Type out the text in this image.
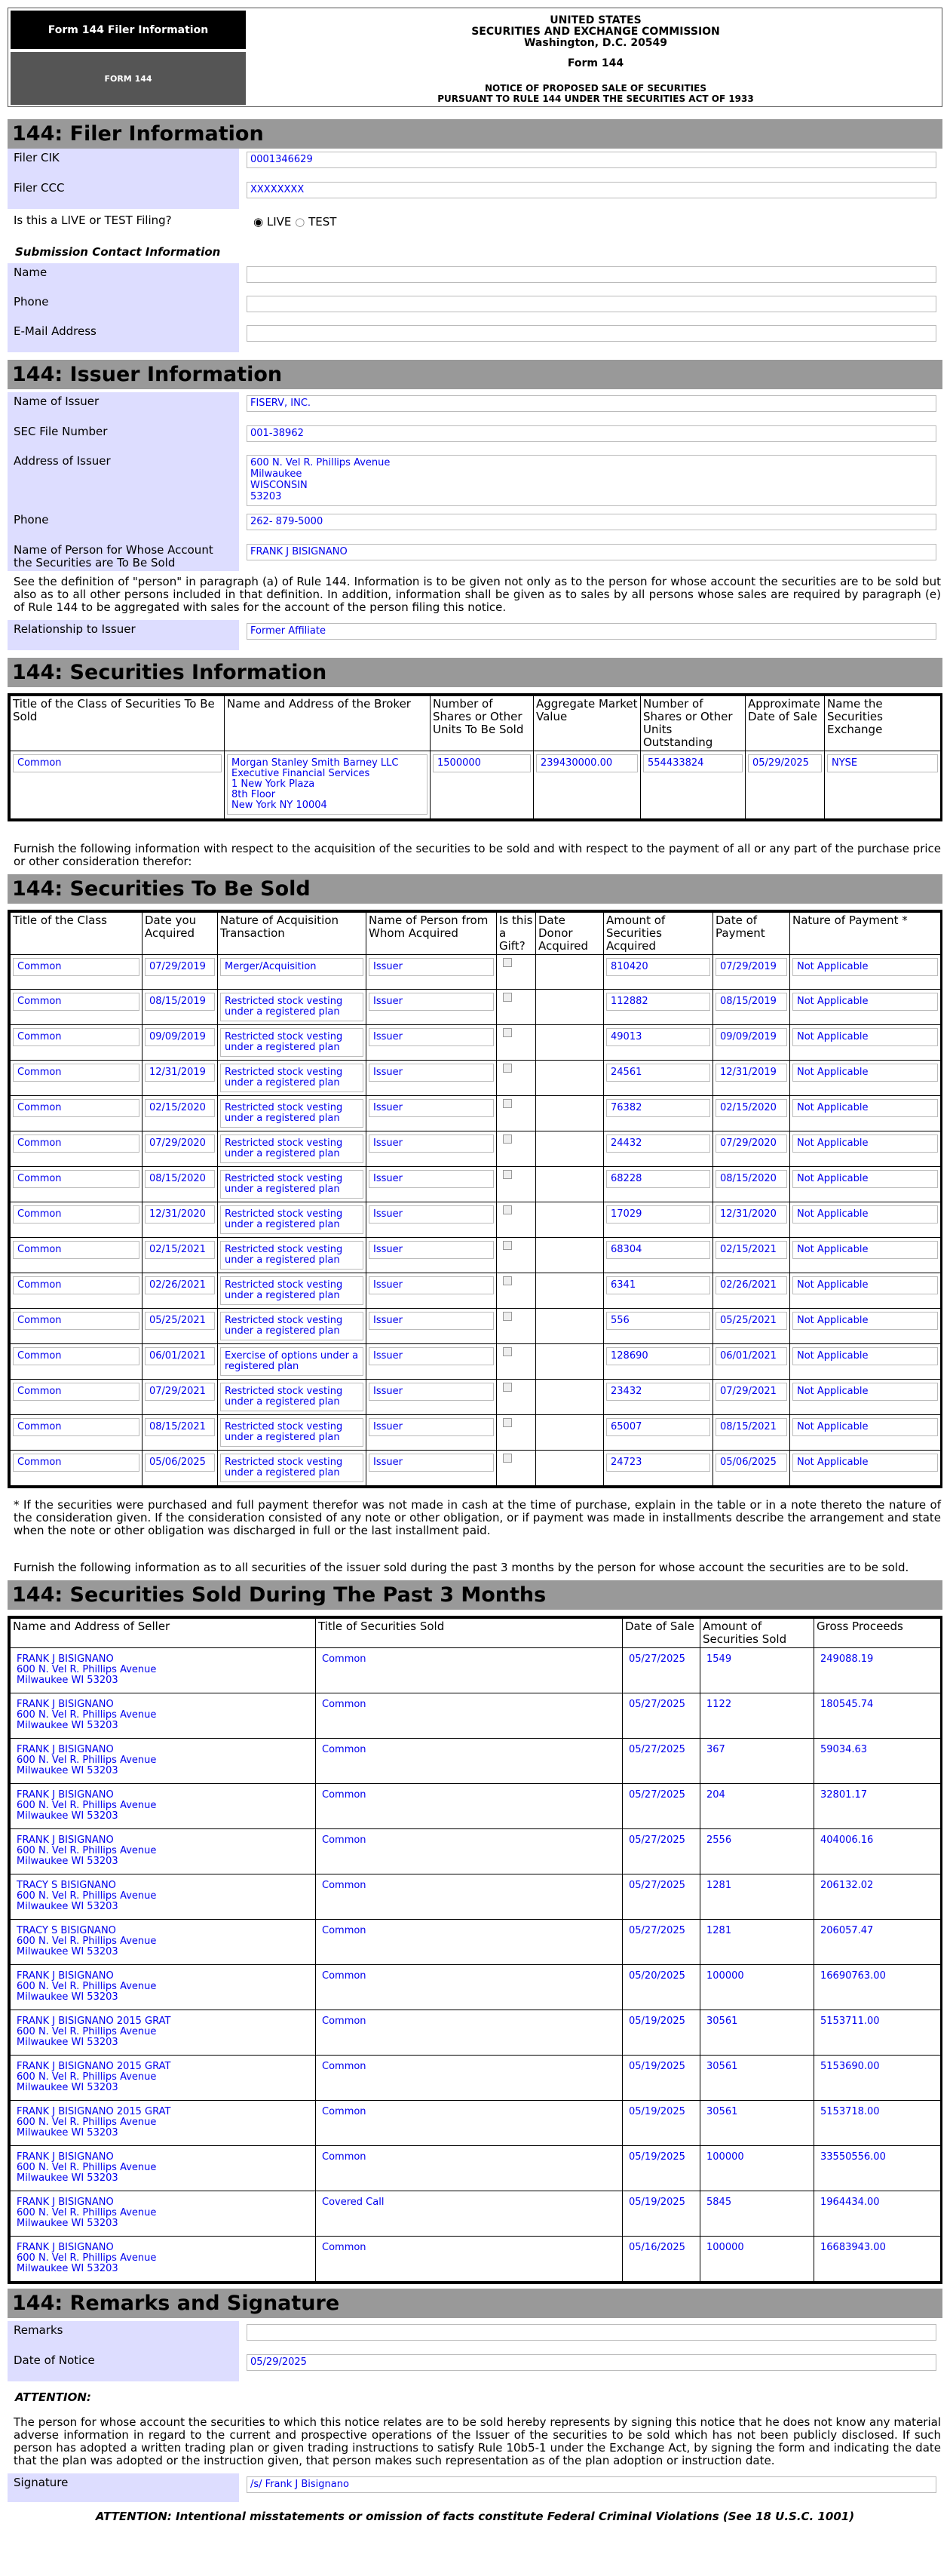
Form 144 Filer Information
FORM 144
UNITED STATES
SECURITIES AND EXCHANGE COMMISSION
Washington, D.C. 20549
Form 144
NOTICE OF PROPOSED SALE OF SECURITIES
PURSUANT TO RULE 144 UNDER THE SECURITIES ACT OF 1933
144: Filer Information
Filer CIK	0001346629
Filer CCC	XXXXXXXX
Is this a LIVE or TEST Filing?	◉ LIVE ○ TEST
Submission Contact Information
Name
Phone
E-Mail Address
144: Issuer Information
Name of Issuer	FISERV, INC.
SEC File Number	001-38962
Address of Issuer	600 N. Vel R. Phillips Avenue
Milwaukee
WISCONSIN
53203
Phone	262- 879-5000
Name of Person for Whose Account the Securities are To Be Sold
FRANK J BISIGNANO
See the definition of "person" in paragraph (a) of Rule 144. Information is to be given not only as to the person for whose account the securities are to be sold but also as to all other persons included in that definition. In addition, information shall be given as to sales by all persons whose sales are required by paragraph (e) of Rule 144 to be aggregated with sales for the account of the person filing this notice.
Relationship to Issuer	Former Affiliate
144: Securities Information
Title of the Class of Securities To Be Sold	Name and Address of the Broker	Number of Shares or Other Units To Be Sold	Aggregate Market Value	Number of Shares or Other Units Outstanding	Approximate Date of Sale	Name the Securities Exchange

Common	Morgan Stanley Smith Barney LLC
Executive Financial Services
1 New York Plaza
8th Floor
New York NY 10004	1500000	239430000.00	554433824	05/29/2025	NYSE
Furnish the following information with respect to the acquisition of the securities to be sold and with respect to the payment of all or any part of the purchase price or other consideration therefor:
144: Securities To Be Sold
Title of the Class	Date you Acquired	Nature of Acquisition Transaction	Name of Person from Whom Acquired	Is this a Gift?	Date Donor Acquired	Amount of Securities Acquired	Date of Payment	Nature of Payment *

Common	07/29/2019	Merger/Acquisition	Issuer			810420	07/29/2019	Not Applicable

Common	08/15/2019	Restricted stock vesting under a registered plan	Issuer			112882	08/15/2019	Not Applicable

Common	09/09/2019	Restricted stock vesting under a registered plan	Issuer			49013	09/09/2019	Not Applicable

Common	12/31/2019	Restricted stock vesting under a registered plan	Issuer			24561	12/31/2019	Not Applicable

Common	02/15/2020	Restricted stock vesting under a registered plan	Issuer			76382	02/15/2020	Not Applicable

Common	07/29/2020	Restricted stock vesting under a registered plan	Issuer			24432	07/29/2020	Not Applicable

Common	08/15/2020	Restricted stock vesting under a registered plan	Issuer			68228	08/15/2020	Not Applicable

Common	12/31/2020	Restricted stock vesting under a registered plan	Issuer			17029	12/31/2020	Not Applicable

Common	02/15/2021	Restricted stock vesting under a registered plan	Issuer			68304	02/15/2021	Not Applicable

Common	02/26/2021	Restricted stock vesting under a registered plan	Issuer			6341	02/26/2021	Not Applicable

Common	05/25/2021	Restricted stock vesting under a registered plan	Issuer			556	05/25/2021	Not Applicable

Common	06/01/2021	Exercise of options under a registered plan	Issuer			128690	06/01/2021	Not Applicable

Common	07/29/2021	Restricted stock vesting under a registered plan	Issuer			23432	07/29/2021	Not Applicable

Common	08/15/2021	Restricted stock vesting under a registered plan	Issuer			65007	08/15/2021	Not Applicable

Common	05/06/2025	Restricted stock vesting under a registered plan	Issuer			24723	05/06/2025	Not Applicable
* If the securities were purchased and full payment therefor was not made in cash at the time of purchase, explain in the table or in a note thereto the nature of the consideration given. If the consideration consisted of any note or other obligation, or if payment was made in installments describe the arrangement and state when the note or other obligation was discharged in full or the last installment paid.
Furnish the following information as to all securities of the issuer sold during the past 3 months by the person for whose account the securities are to be sold.
144: Securities Sold During The Past 3 Months
Name and Address of Seller	Title of Securities Sold	Date of Sale	Amount of Securities Sold	Gross Proceeds

FRANK J BISIGNANO
600 N. Vel R. Phillips Avenue
Milwaukee WI 53203	Common	05/27/2025	1549	249088.19

FRANK J BISIGNANO
600 N. Vel R. Phillips Avenue
Milwaukee WI 53203	Common	05/27/2025	1122	180545.74

FRANK J BISIGNANO
600 N. Vel R. Phillips Avenue
Milwaukee WI 53203	Common	05/27/2025	367	59034.63

FRANK J BISIGNANO
600 N. Vel R. Phillips Avenue
Milwaukee WI 53203	Common	05/27/2025	204	32801.17

FRANK J BISIGNANO
600 N. Vel R. Phillips Avenue
Milwaukee WI 53203	Common	05/27/2025	2556	404006.16

TRACY S BISIGNANO
600 N. Vel R. Phillips Avenue
Milwaukee WI 53203	Common	05/27/2025	1281	206132.02

TRACY S BISIGNANO
600 N. Vel R. Phillips Avenue
Milwaukee WI 53203	Common	05/27/2025	1281	206057.47

FRANK J BISIGNANO
600 N. Vel R. Phillips Avenue
Milwaukee WI 53203	Common	05/20/2025	100000	16690763.00

FRANK J BISIGNANO 2015 GRAT
600 N. Vel R. Phillips Avenue
Milwaukee WI 53203	Common	05/19/2025	30561	5153711.00

FRANK J BISIGNANO 2015 GRAT
600 N. Vel R. Phillips Avenue
Milwaukee WI 53203	Common	05/19/2025	30561	5153690.00

FRANK J BISIGNANO 2015 GRAT
600 N. Vel R. Phillips Avenue
Milwaukee WI 53203	Common	05/19/2025	30561	5153718.00

FRANK J BISIGNANO
600 N. Vel R. Phillips Avenue
Milwaukee WI 53203	Common	05/19/2025	100000	33550556.00

FRANK J BISIGNANO
600 N. Vel R. Phillips Avenue
Milwaukee WI 53203	Covered Call	05/19/2025	5845	1964434.00

FRANK J BISIGNANO
600 N. Vel R. Phillips Avenue
Milwaukee WI 53203	Common	05/16/2025	100000	16683943.00
144: Remarks and Signature
Remarks
Date of Notice	05/29/2025
ATTENTION:
The person for whose account the securities to which this notice relates are to be sold hereby represents by signing this notice that he does not know any material adverse information in regard to the current and prospective operations of the Issuer of the securities to be sold which has not been publicly disclosed. If such person has adopted a written trading plan or given trading instructions to satisfy Rule 10b5-1 under the Exchange Act, by signing the form and indicating the date that the plan was adopted or the instruction given, that person makes such representation as of the plan adoption or instruction date.
Signature	/s/ Frank J Bisignano
ATTENTION: Intentional misstatements or omission of facts constitute Federal Criminal Violations (See 18 U.S.C. 1001)
